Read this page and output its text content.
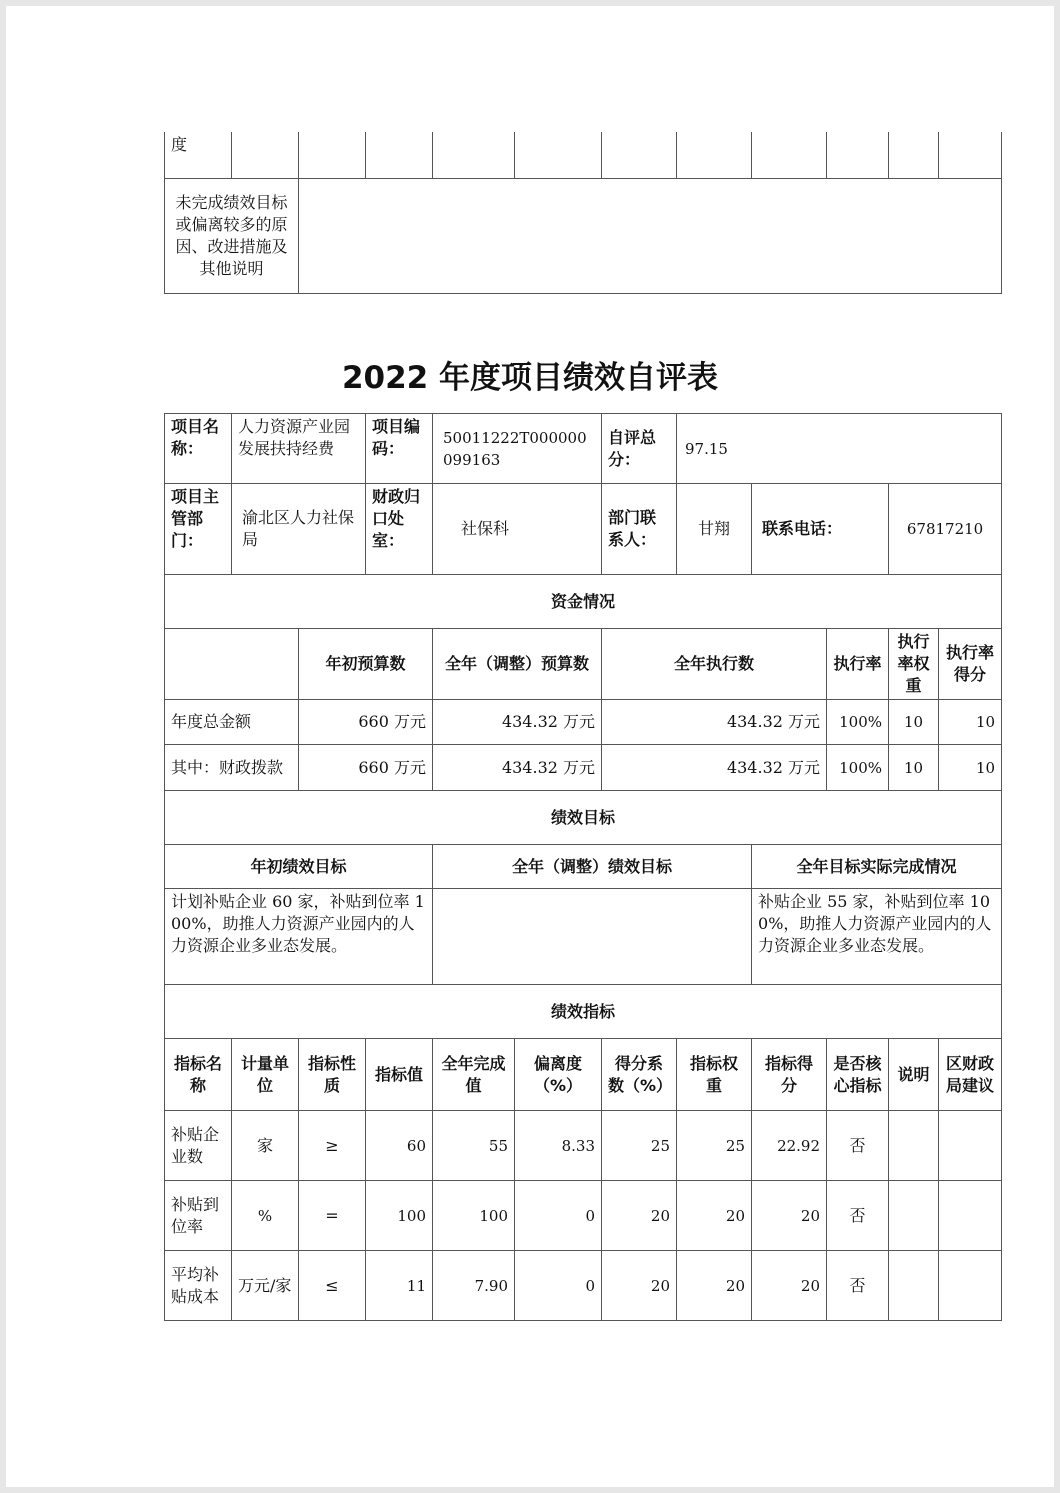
度											
未完成绩效目标或偏离较多的原因、改进措施及其他说明											
2022 年度项目绩效自评表
项目名称：	人力资源产业园发展扶持经费		项目编码：	50011222T000000099163		自评总分：	97.15				
项目主管部门：	渝北区人力社保局		财政归口处室：	社保科		部门联系人：	甘翔	联系电话：		67817210	
资金情况											
		年初预算数		全年（调整）预算数		全年执行数			执行率	执行率权重	执行率得分
年度总金额		660 万元		434.32 万元		434.32 万元			100%	10	10
其中：财政拨款		660 万元		434.32 万元		434.32 万元			100%	10	10
绩效目标											
年初绩效目标				全年（调整）绩效目标				全年目标实际完成情况			
计划补贴企业 60 家，补贴到位率 100%，助推人力资源产业园内的人力资源企业多业态发展。								补贴企业 55 家，补贴到位率 100%，助推人力资源产业园内的人力资源企业多业态发展。			
绩效指标											
指标名称	计量单位	指标性质	指标值	全年完成值	偏离度（%）	得分系数（%）	指标权重	指标得分	是否核心指标	说明	区财政局建议
补贴企业数	家	≥	60	55	8.33	25	25	22.92	否		
补贴到位率	%	=	100	100	0	20	20	20	否		
平均补贴成本	万元/家	≤	11	7.90	0	20	20	20	否		
